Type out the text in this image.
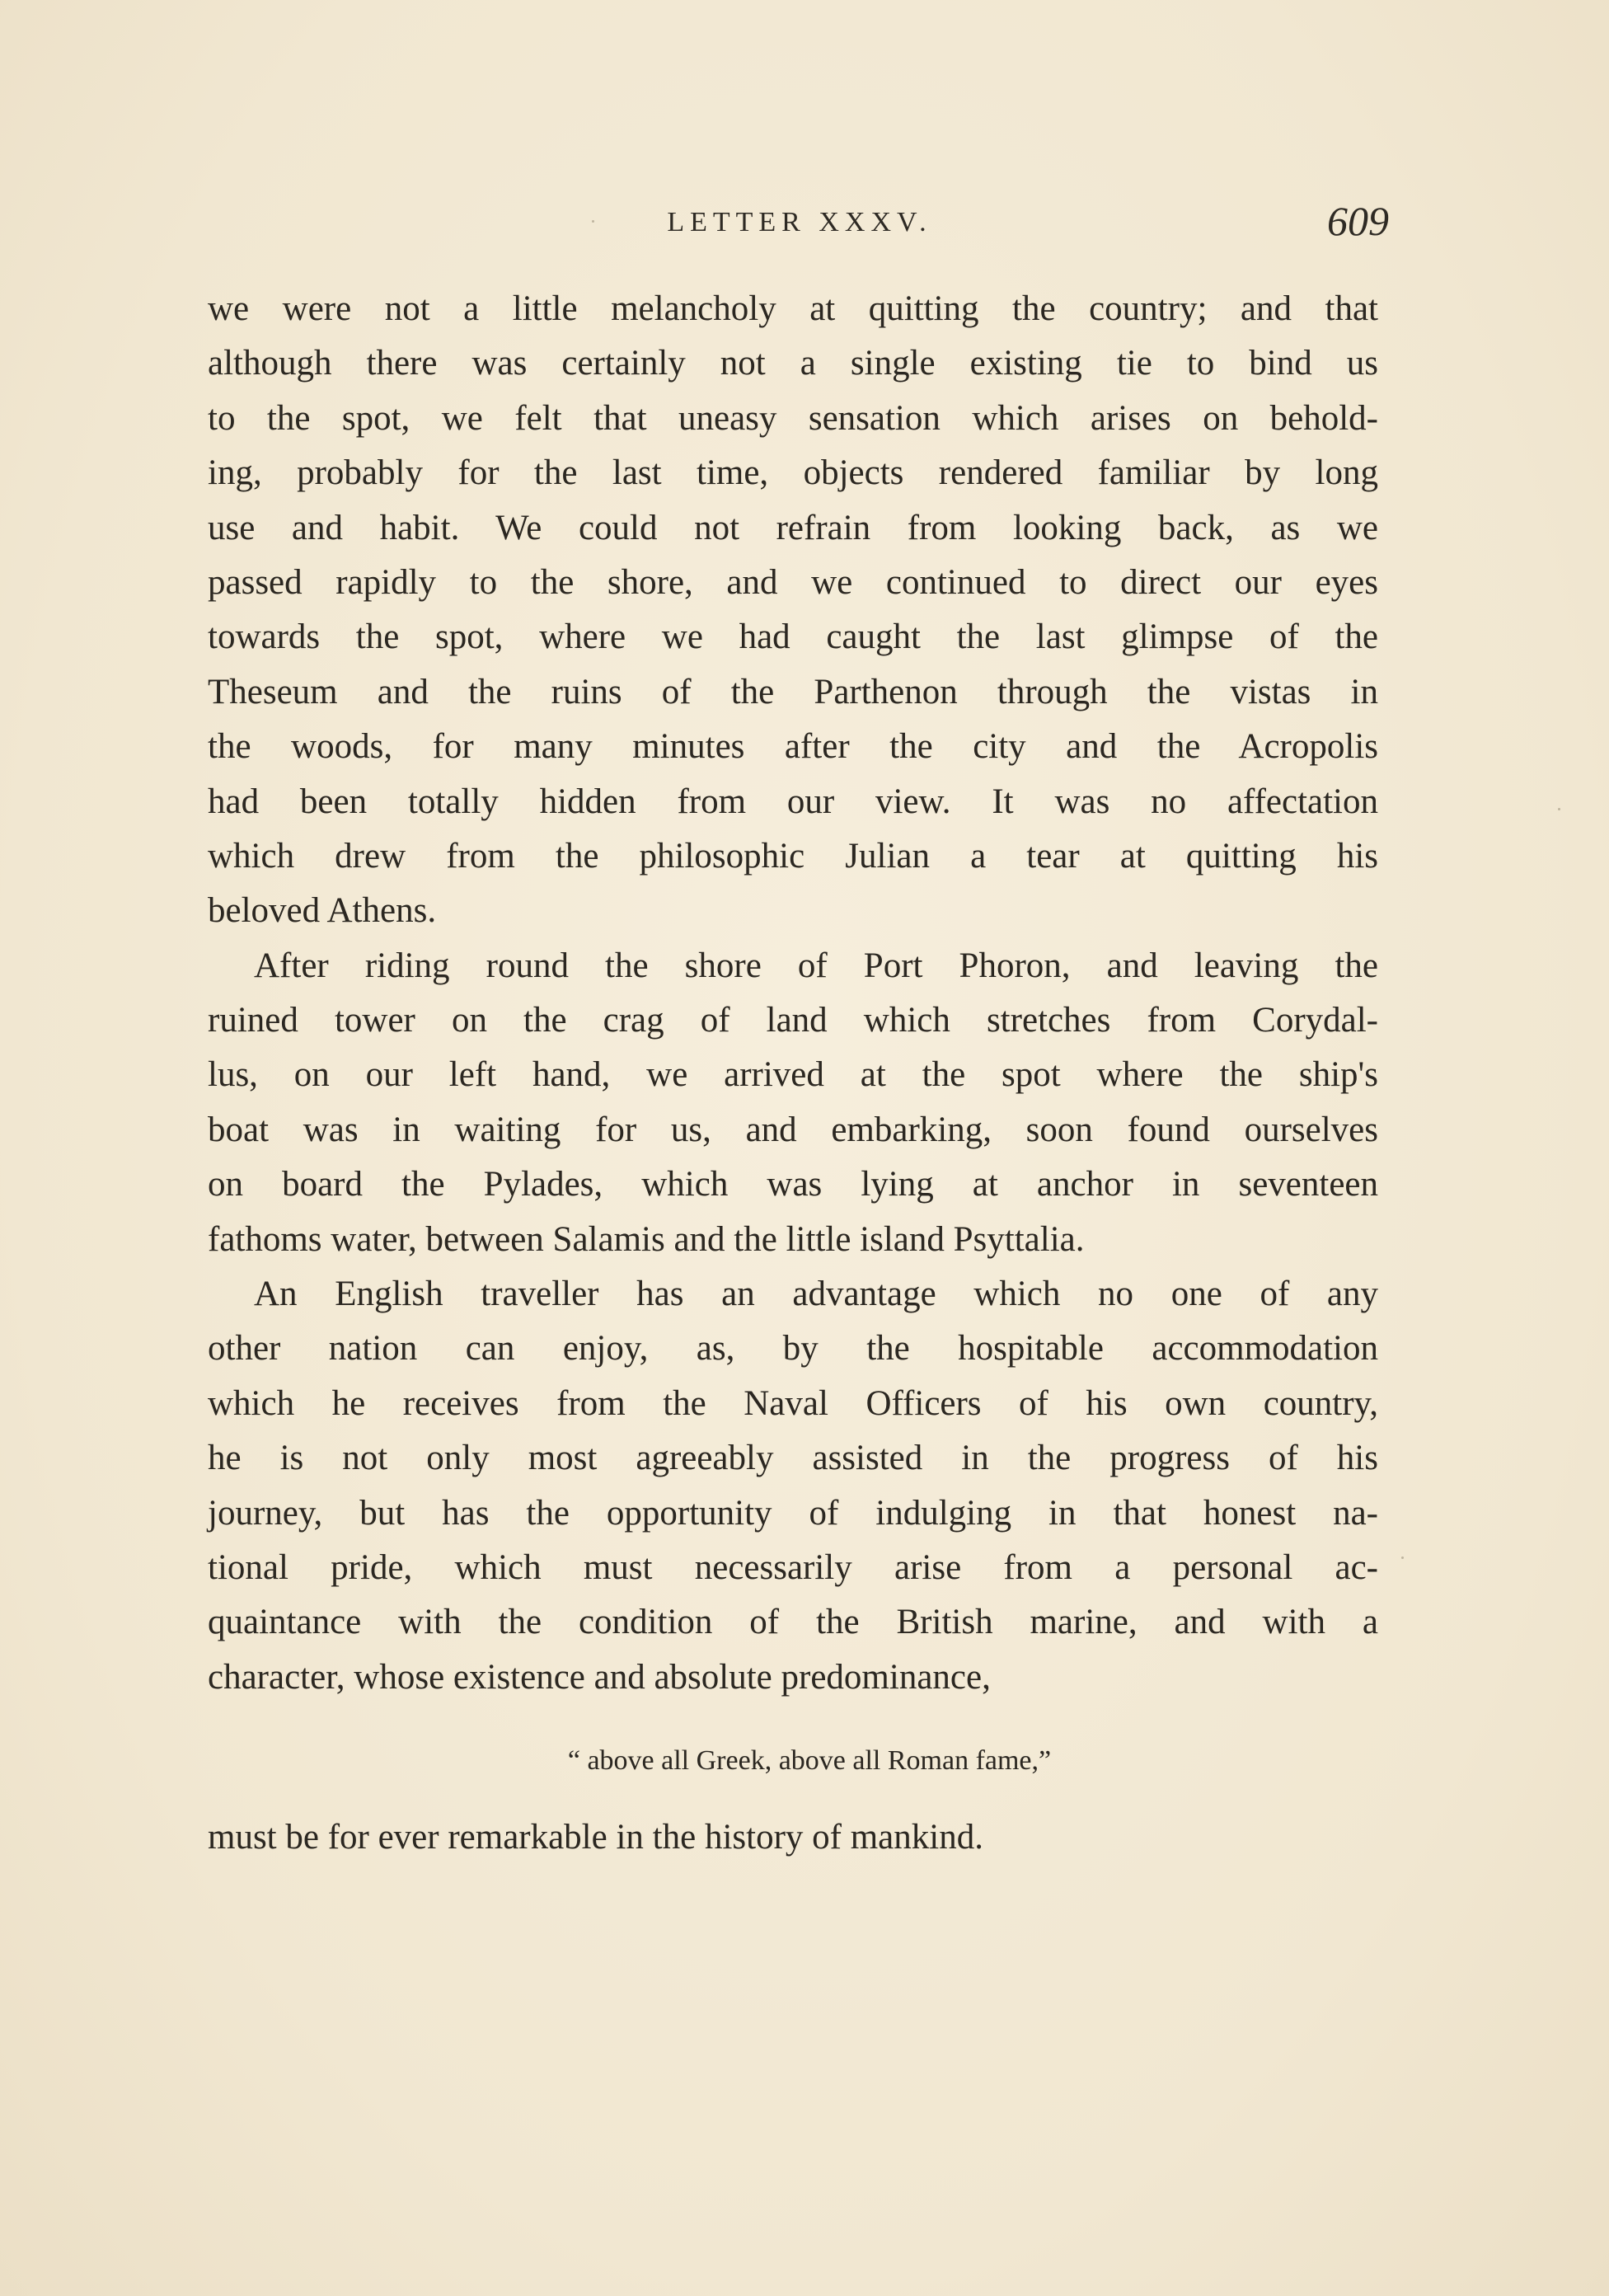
LETTER XXXV.	609
we were not a little melancholy at quitting the country; and that
although there was certainly not a single existing tie to bind us
to the spot, we felt that uneasy sensation which arises on behold-
ing, probably for the last time, objects rendered familiar by long
use and habit. We could not refrain from looking back, as we
passed rapidly to the shore, and we continued to direct our eyes
towards the spot, where we had caught the last glimpse of the
Theseum and the ruins of the Parthenon through the vistas in
the woods, for many minutes after the city and the Acropolis
had been totally hidden from our view. It was no affectation
which drew from the philosophic Julian a tear at quitting his
beloved Athens.
After riding round the shore of Port Phoron, and leaving the
ruined tower on the crag of land which stretches from Corydal-
lus, on our left hand, we arrived at the spot where the ship's
boat was in waiting for us, and embarking, soon found ourselves
on board the Pylades, which was lying at anchor in seventeen
fathoms water, between Salamis and the little island Psyttalia.
An English traveller has an advantage which no one of any
other nation can enjoy, as, by the hospitable accommodation
which he receives from the Naval Officers of his own country,
he is not only most agreeably assisted in the progress of his
journey, but has the opportunity of indulging in that honest na-
tional pride, which must necessarily arise from a personal ac-
quaintance with the condition of the British marine, and with a
character, whose existence and absolute predominance,
“ above all Greek, above all Roman fame,”
must be for ever remarkable in the history of mankind.
